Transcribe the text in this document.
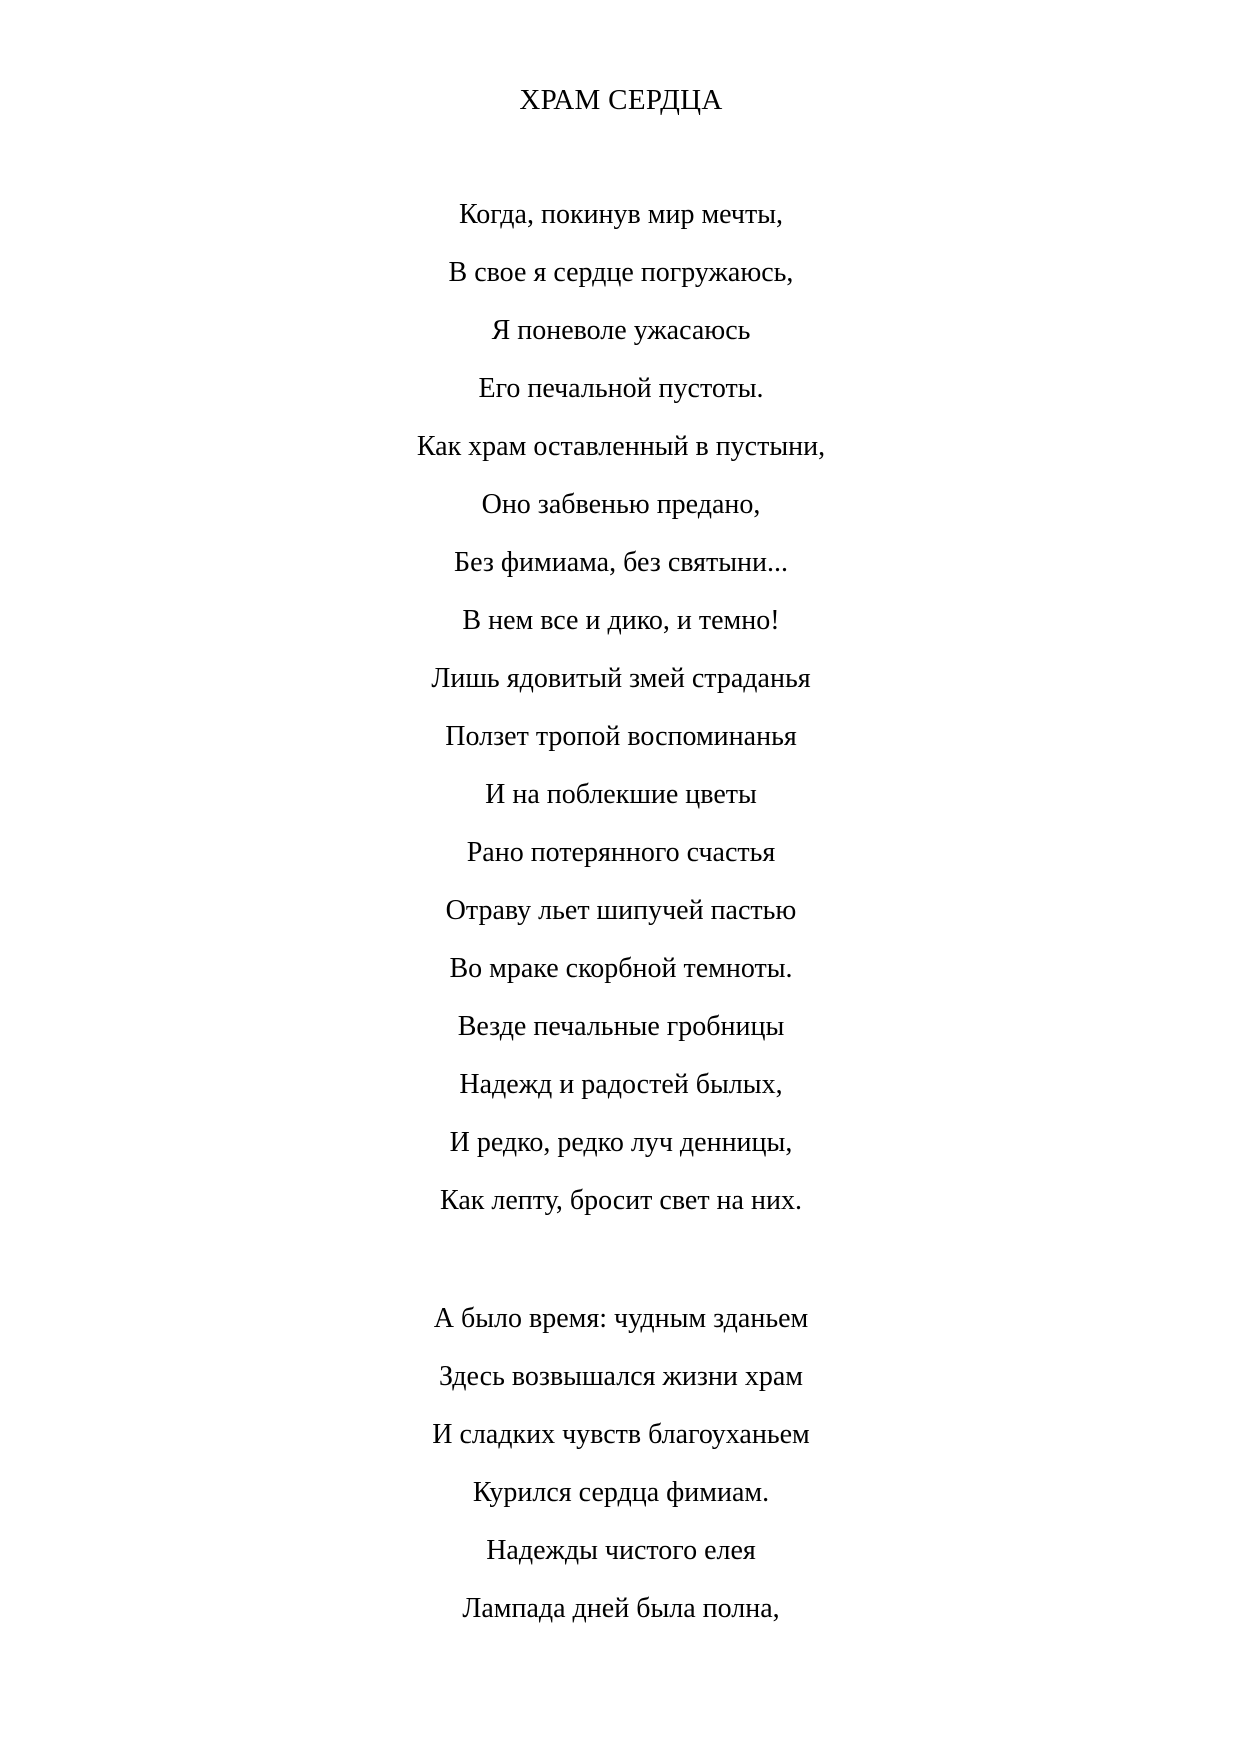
ХРАМ СЕРДЦА
Когда, покинув мир мечты,
В свое я сердце погружаюсь,
Я поневоле ужасаюсь
Его печальной пустоты.
Как храм оставленный в пустыни,
Оно забвенью предано,
Без фимиама, без святыни...
В нем все и дико, и темно!
Лишь ядовитый змей страданья
Ползет тропой воспоминанья
И на поблекшие цветы
Рано потерянного счастья
Отраву льет шипучей пастью
Во мраке скорбной темноты.
Везде печальные гробницы
Надежд и радостей былых,
И редко, редко луч денницы,
Как лепту, бросит свет на них.
А было время: чудным зданьем
Здесь возвышался жизни храм
И сладких чувств благоуханьем
Курился сердца фимиам.
Надежды чистого елея
Лампада дней была полна,
